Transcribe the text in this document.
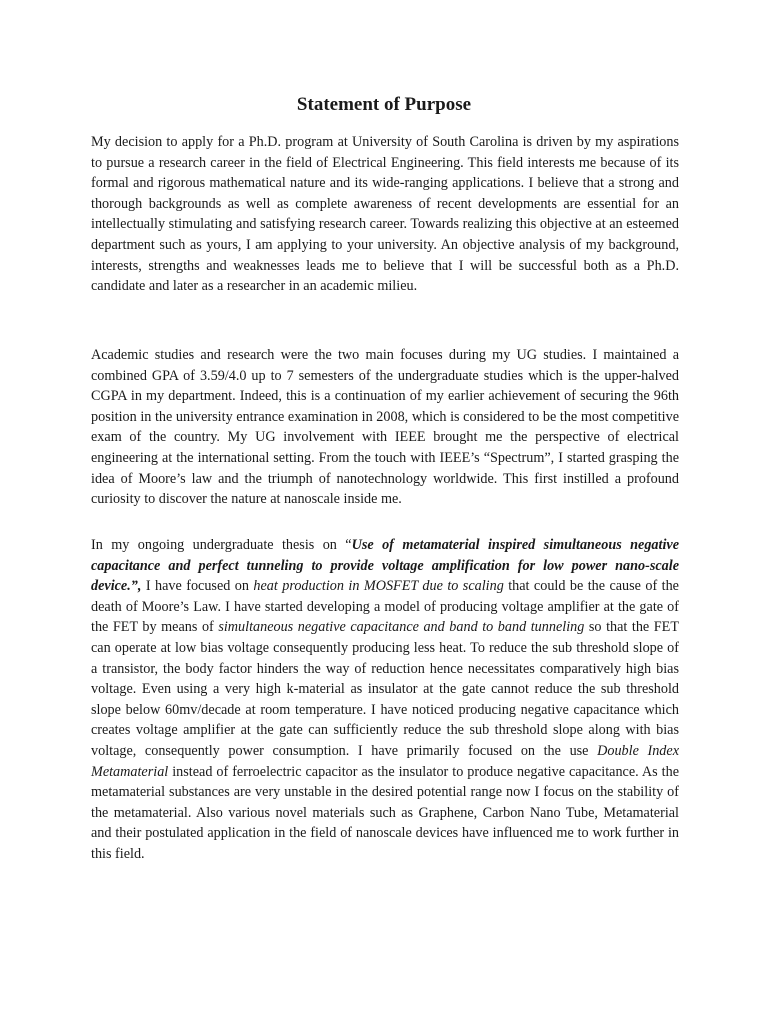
Statement of Purpose

My decision to apply for a Ph.D. program at University of South Carolina is driven by my aspirations to pursue a research career in the field of Electrical Engineering. This field interests me because of its formal and rigorous mathematical nature and its wide-ranging applications. I believe that a strong and thorough backgrounds as well as complete awareness of recent developments are essential for an intellectually stimulating and satisfying research career. Towards realizing this objective at an esteemed department such as yours, I am applying to your university. An objective analysis of my background, interests, strengths and weaknesses leads me to believe that I will be successful both as a Ph.D. candidate and later as a researcher in an academic milieu.

Academic studies and research were the two main focuses during my UG studies. I maintained a combined GPA of 3.59/4.0 up to 7 semesters of the undergraduate studies which is the upper-halved CGPA in my department. Indeed, this is a continuation of my earlier achievement of securing the 96th position in the university entrance examination in 2008, which is considered to be the most competitive exam of the country. My UG involvement with IEEE brought me the perspective of electrical engineering at the international setting. From the touch with IEEE’s “Spectrum”, I started grasping the idea of Moore’s law and the triumph of nanotechnology worldwide. This first instilled a profound curiosity to discover the nature at nanoscale inside me.

In my ongoing undergraduate thesis on “Use of metamaterial inspired simultaneous negative capacitance and perfect tunneling to provide voltage amplification for low power nano-scale device.”, I have focused on heat production in MOSFET due to scaling that could be the cause of the death of Moore’s Law. I have started developing a model of producing voltage amplifier at the gate of the FET by means of simultaneous negative capacitance and band to band tunneling so that the FET can operate at low bias voltage consequently producing less heat. To reduce the sub threshold slope of a transistor, the body factor hinders the way of reduction hence necessitates comparatively high bias voltage. Even using a very high k-material as insulator at the gate cannot reduce the sub threshold slope below 60mv/decade at room temperature. I have noticed producing negative capacitance which creates voltage amplifier at the gate can sufficiently reduce the sub threshold slope along with bias voltage, consequently power consumption. I have primarily focused on the use Double Index Metamaterial instead of ferroelectric capacitor as the insulator to produce negative capacitance. As the metamaterial substances are very unstable in the desired potential range now I focus on the stability of the metamaterial. Also various novel materials such as Graphene, Carbon Nano Tube, Metamaterial and their postulated application in the field of nanoscale devices have influenced me to work further in this field.
